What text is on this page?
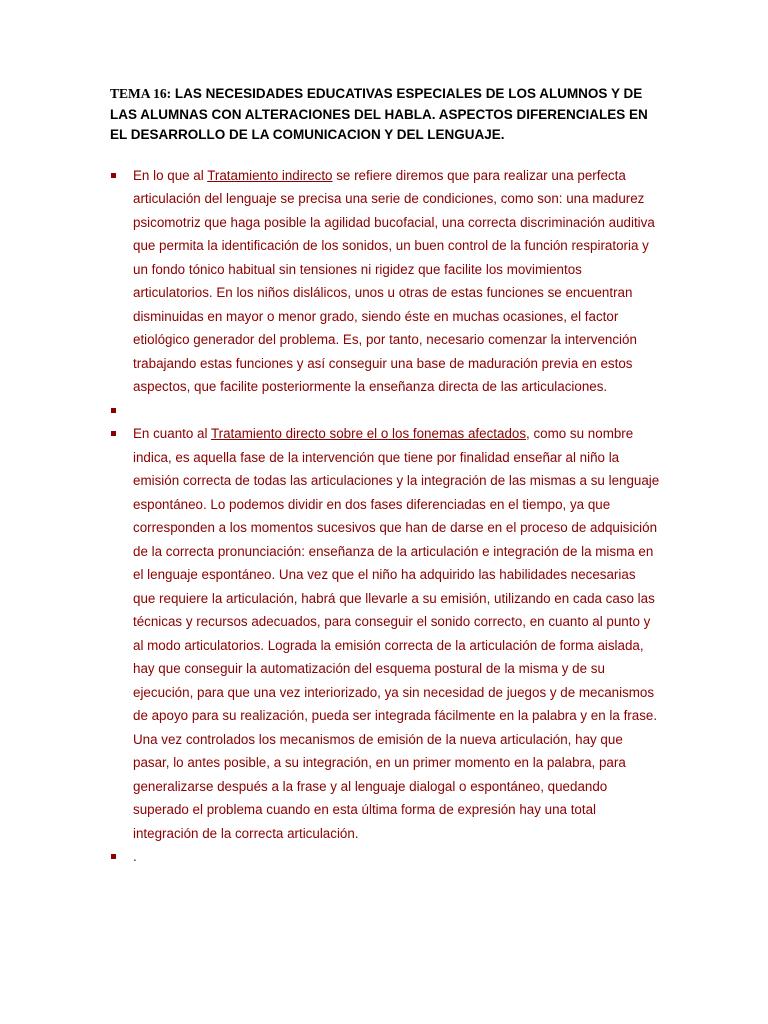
TEMA 16: LAS NECESIDADES EDUCATIVAS ESPECIALES DE LOS ALUMNOS Y DE LAS ALUMNAS CON ALTERACIONES DEL HABLA. ASPECTOS DIFERENCIALES EN EL DESARROLLO DE LA COMUNICACION Y DEL LENGUAJE.
En lo que al Tratamiento indirecto se refiere diremos que para realizar una perfecta articulación del lenguaje se precisa una serie de condiciones, como son: una madurez psicomotriz que haga posible la agilidad bucofacial, una correcta discriminación auditiva que permita la identificación de los sonidos, un buen control de la función respiratoria y un fondo tónico habitual sin tensiones ni rigidez que facilite los movimientos articulatorios. En los niños dislálicos, unos u otras de estas funciones se encuentran disminuidas en mayor o menor grado, siendo éste en muchas ocasiones, el factor etiológico generador del problema. Es, por tanto, necesario comenzar la intervención trabajando estas funciones y así conseguir una base de maduración previa en estos aspectos, que facilite posteriormente la enseñanza directa de las articulaciones.
En cuanto al Tratamiento directo sobre el o los fonemas afectados, como su nombre indica, es aquella fase de la intervención que tiene por finalidad enseñar al niño la emisión correcta de todas las articulaciones y la integración de las mismas a su lenguaje espontáneo. Lo podemos dividir en dos fases diferenciadas en el tiempo, ya que corresponden a los momentos sucesivos que han de darse en el proceso de adquisición de la correcta pronunciación: enseñanza de la articulación e integración de la misma en el lenguaje espontáneo. Una vez que el niño ha adquirido las habilidades necesarias que requiere la articulación, habrá que llevarle a su emisión, utilizando en cada caso las técnicas y recursos adecuados, para conseguir el sonido correcto, en cuanto al punto y al modo articulatorios. Lograda la emisión correcta de la articulación de forma aislada, hay que conseguir la automatización del esquema postural de la misma y de su ejecución, para que una vez interiorizado, ya sin necesidad de juegos y de mecanismos de apoyo para su realización, pueda ser integrada fácilmente en la palabra y en la frase. Una vez controlados los mecanismos de emisión de la nueva articulación, hay que pasar, lo antes posible, a su integración, en un primer momento en la palabra, para generalizarse después a la frase y al lenguaje dialogal o espontáneo, quedando superado el problema cuando en esta última forma de expresión hay una total integración de la correcta articulación.
.
